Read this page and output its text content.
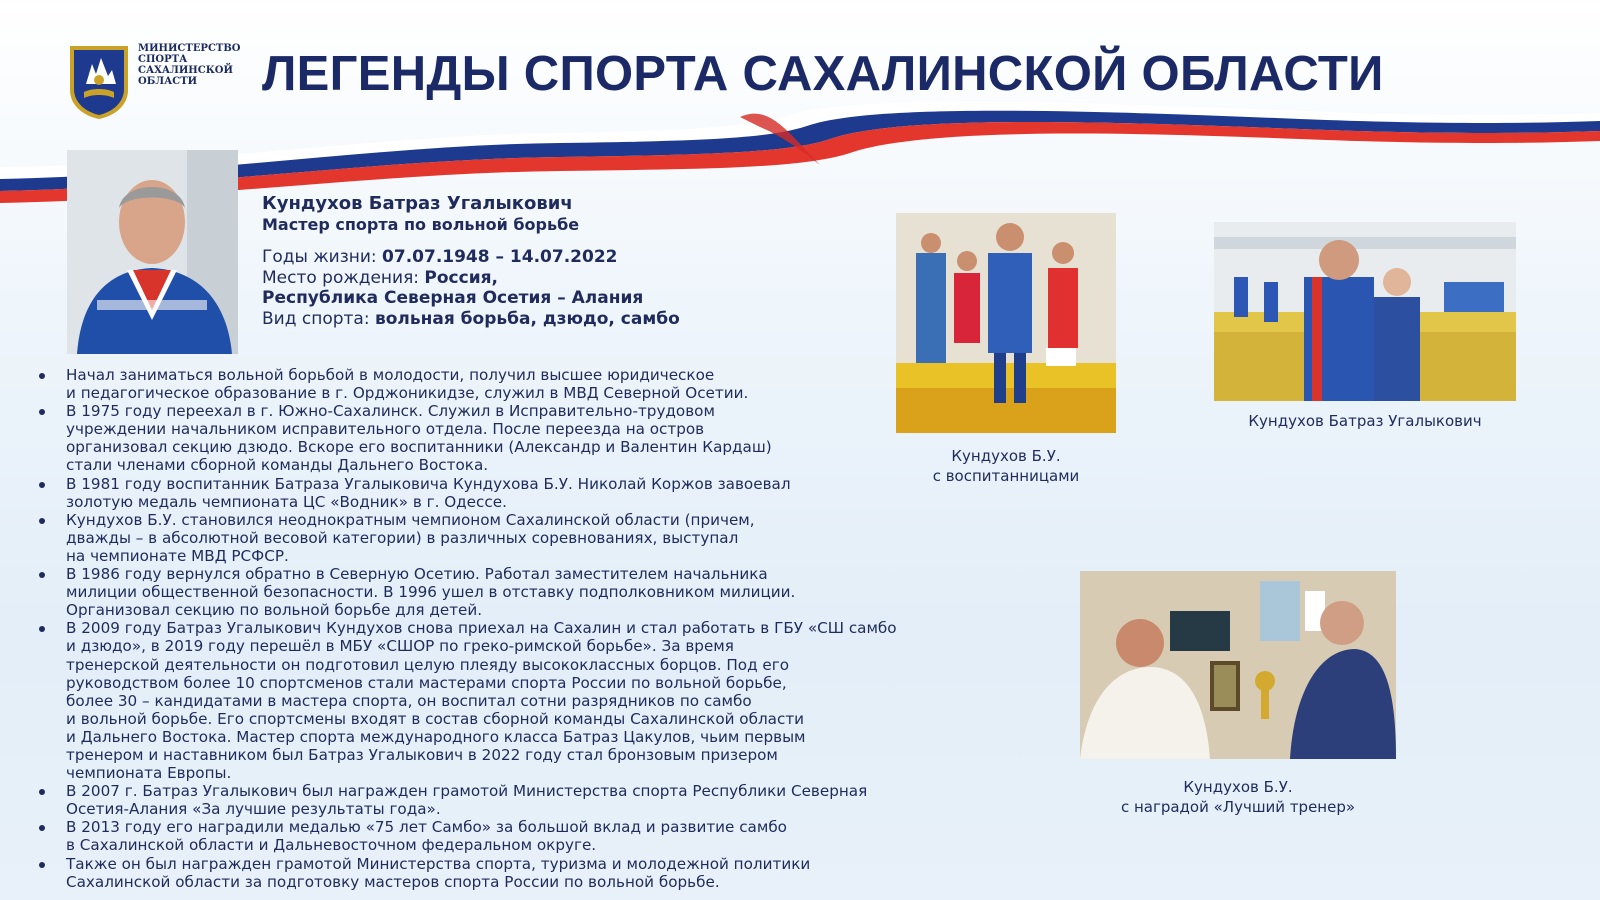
МИНИСТЕРСТВО
СПОРТА
САХАЛИНСКОЙ
ОБЛАСТИ	ЛЕГЕНДЫ СПОРТА САХАЛИНСКОЙ ОБЛАСТИ
Кундухов Батраз Угалыкович
Мастер спорта по вольной борьбе
Годы жизни: 07.07.1948 – 14.07.2022
Место рождения: Россия,
Республика Северная Осетия – Алания
Вид спорта: вольная борьба, дзюдо, самбо
Начал заниматься вольной борьбой в молодости, получил высшее юридическое
и педагогическое образование в г. Орджоникидзе, служил в МВД Северной Осетии.
В 1975 году переехал в г. Южно-Сахалинск. Служил в Исправительно-трудовом
учреждении начальником исправительного отдела. После переезда на остров
организовал секцию дзюдо. Вскоре его воспитанники (Александр и Валентин Кардаш)
стали членами сборной команды Дальнего Востока.
В 1981 году воспитанник Батраза Угалыковича Кундухова Б.У. Николай Коржов завоевал
золотую медаль чемпионата ЦС «Водник» в г. Одессе.
Кундухов Б.У. становился неоднократным чемпионом Сахалинской области (причем,
дважды – в абсолютной весовой категории) в различных соревнованиях, выступал
на чемпионате МВД РСФСР.
В 1986 году вернулся обратно в Северную Осетию. Работал заместителем начальника
милиции общественной безопасности. В 1996 ушел в отставку подполковником милиции.
Организовал секцию по вольной борьбе для детей.
В 2009 году Батраз Угалыкович Кундухов снова приехал на Сахалин и стал работать в ГБУ «СШ самбо
и дзюдо», в 2019 году перешёл в МБУ «СШОР по греко-римской борьбе». За время
тренерской деятельности он подготовил целую плеяду высококлассных борцов. Под его
руководством более 10 спортсменов стали мастерами спорта России по вольной борьбе,
более 30 – кандидатами в мастера спорта, он воспитал сотни разрядников по самбо
и вольной борьбе. Его спортсмены входят в состав сборной команды Сахалинской области
и Дальнего Востока. Мастер спорта международного класса Батраз Цакулов, чьим первым
тренером и наставником был Батраз Угалыкович в 2022 году стал бронзовым призером
чемпионата Европы.
В 2007 г. Батраз Угалыкович был награжден грамотой Министерства спорта Республики Северная
Осетия-Алания «За лучшие результаты года».
В 2013 году его наградили медалью «75 лет Самбо» за большой вклад и развитие самбо
в Сахалинской области и Дальневосточном федеральном округе.
Также он был награжден грамотой Министерства спорта, туризма и молодежной политики
Сахалинской области за подготовку мастеров спорта России по вольной борьбе.
Кундухов Б.У.
с воспитанницами
Кундухов Батраз Угалыкович
Кундухов Б.У.
с наградой «Лучший тренер»
